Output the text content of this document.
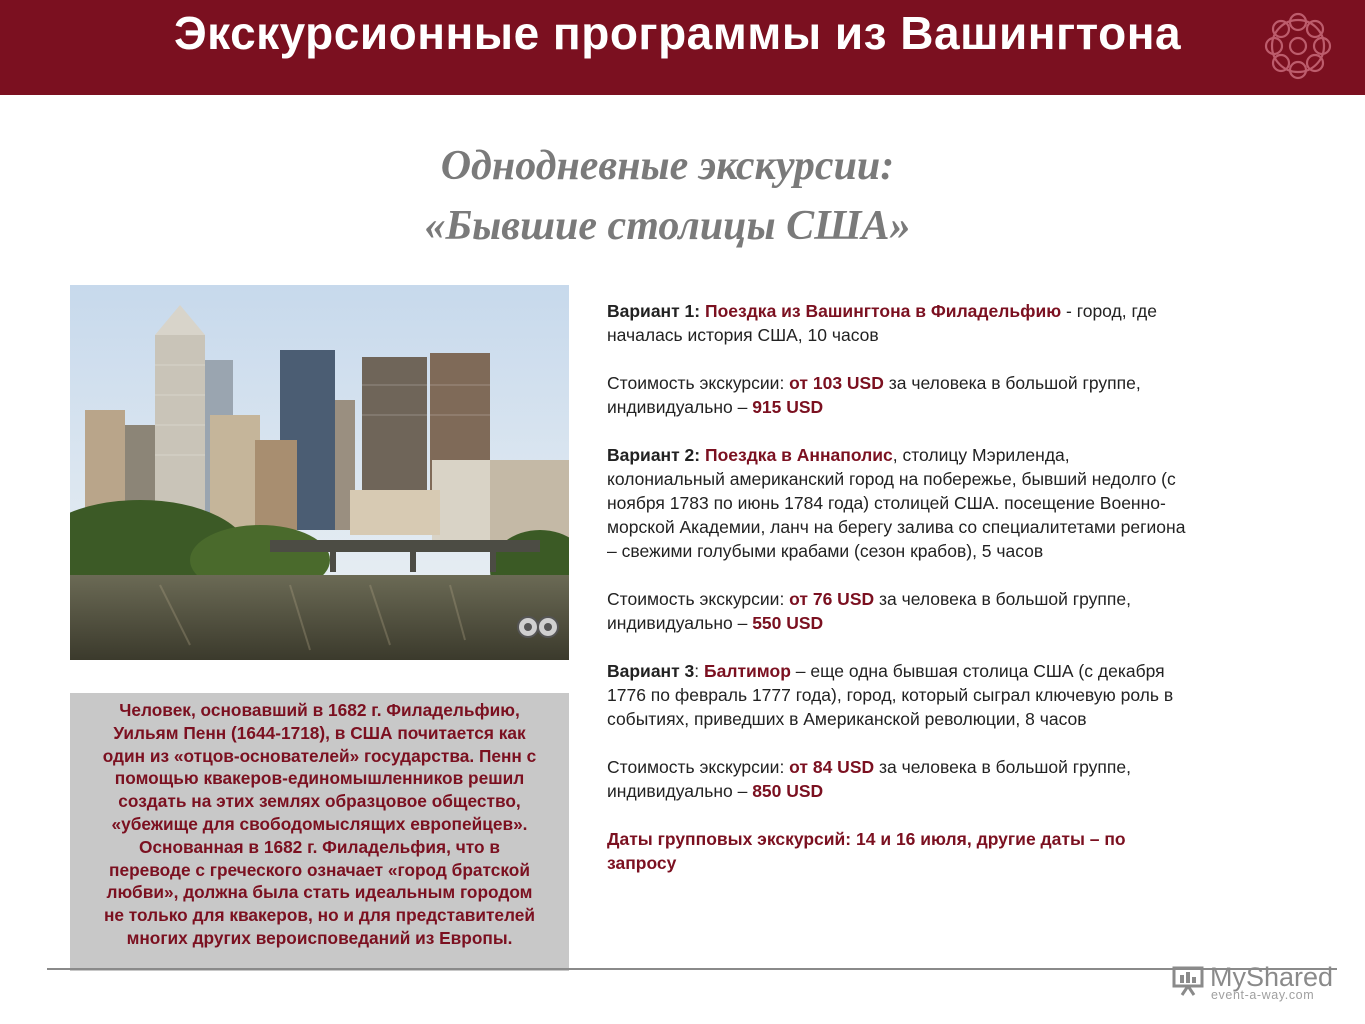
Экскурсионные программы из Вашингтона
Однодневные экскурсии:
«Бывшие столицы США»
Человек, основавший в 1682 г. Филадельфию,
Уильям Пенн (1644-1718), в США почитается как
один из «отцов-основателей» государства. Пенн с
помощью квакеров-единомышленников решил
создать на этих землях образцовое общество,
«убежище для свободомыслящих европейцев».
Основанная в 1682 г. Филадельфия, что в
переводе с греческого означает «город братской
любви», должна была стать идеальным городом
не только для квакеров, но и для представителей
многих других вероисповеданий из Европы.

Вариант 1: Поездка из Вашингтона в Филадельфию - город, где началась история США, 10 часов

Стоимость экскурсии: от 103 USD за человека в большой группе, индивидуально – 915 USD

Вариант 2: Поездка в Аннаполис, столицу Мэриленда, колониальный американский город на побережье, бывший недолго (с ноября 1783 по июнь 1784 года) столицей США. посещение Военно-морской Академии, ланч на берегу залива со специалитетами региона – свежими голубыми крабами (сезон крабов), 5 часов

Стоимость экскурсии: от 76 USD за человека в большой группе, индивидуально – 550 USD

Вариант 3: Балтимор – еще одна бывшая столица США (с декабря 1776 по февраль 1777 года), город, который сыграл ключевую роль в событиях, приведших в Американской революции, 8 часов

Стоимость экскурсии: от 84 USD за человека в большой группе, индивидуально – 850 USD

Даты групповых экскурсий: 14 и 16 июля, другие даты – по запросу

MyShared
event-a-way.com
